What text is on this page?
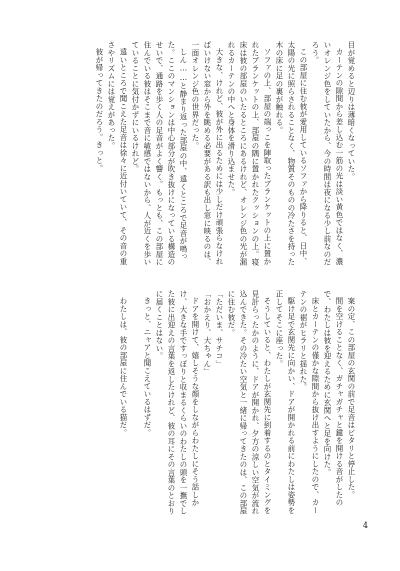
目が覚めると辺りは薄暗くなっていた。

カーテンの隙間から差し込む一筋の光は淡い黄色ではなく、濃いオレンジ色をしていたから、今の時間は夜になる少し前なのだろう。

この部屋に住む彼が愛用しているソファから降りると、日中、太陽の光に照らされることなく、物質そのものの冷たさを持った木の床に足の裏が触れる。

ソファの上、部屋の端っこを陣取ったブランケットの上に置かれたブランケットの上、部屋の隅に置かれたクッションの上。寝床は彼の部屋のいたるところにあるけれど、オレンジ色の光が漏れるカーテンの中へと身体を滑り込ませた。

大きな、けれど、彼が外に出るためには少しだけ頑張らなければいけない窓から外を眺める必要がある訳も出し窓に映るのは、一面オレンジ色の世界だった。

しん……と静まり返った部屋の中、遠くところで足音が鳴った。ここのマンションは中心部分が吹き抜けになっている構造のせいで、通路を歩く人の足音がよく響く。もっとも、この部屋に住んでいる彼はそこまで音に敏感ではないから、人が近くを歩いていることに気付かずにいるけれど。

遠いところで聞こえた足音は徐々に近付いていて、その音の重さやリズムには覚えがあった。

彼が帰ってきたのだろう。きっと。

案の定、この部屋の玄関の前で足音はピタリと停止した。

間を空けることなく、ガチャガチャと鍵を開ける音がしたので、わたしは彼を迎えるために玄関へと足を向けた。

床とカーテンの僅かな隙間から抜け出すようにしたので、カーテンの裾がヒラリと揺れた。

駆け足で玄関先に向かい、ドアが開かれる前にわたしは姿勢を正してそこに座った。

そうしていると、わたしが玄関先に到着するのとタイミングを見計らったかのように、ドアが開かれ、夕方の涼しい空気が流れ込んできた。その冷たい空気と一緒に帰ってきたのは、この部屋に住む彼だ。

「ただいま、サチコ」

「おかえり、大ちゃん」

ドアを開けて、嬉しそうな顔をしながらわたしにそう話しかけ、大きな手ですっぽりと収まるくらいのわたしの頭を一撫でした彼に出迎えの言葉を返したけれど、彼の耳にその言葉のとおりに届くことはない。

きっと、ニャアと聞こえているはずだ。

わたしは、彼の部屋に住んでいる猫だ。

4
